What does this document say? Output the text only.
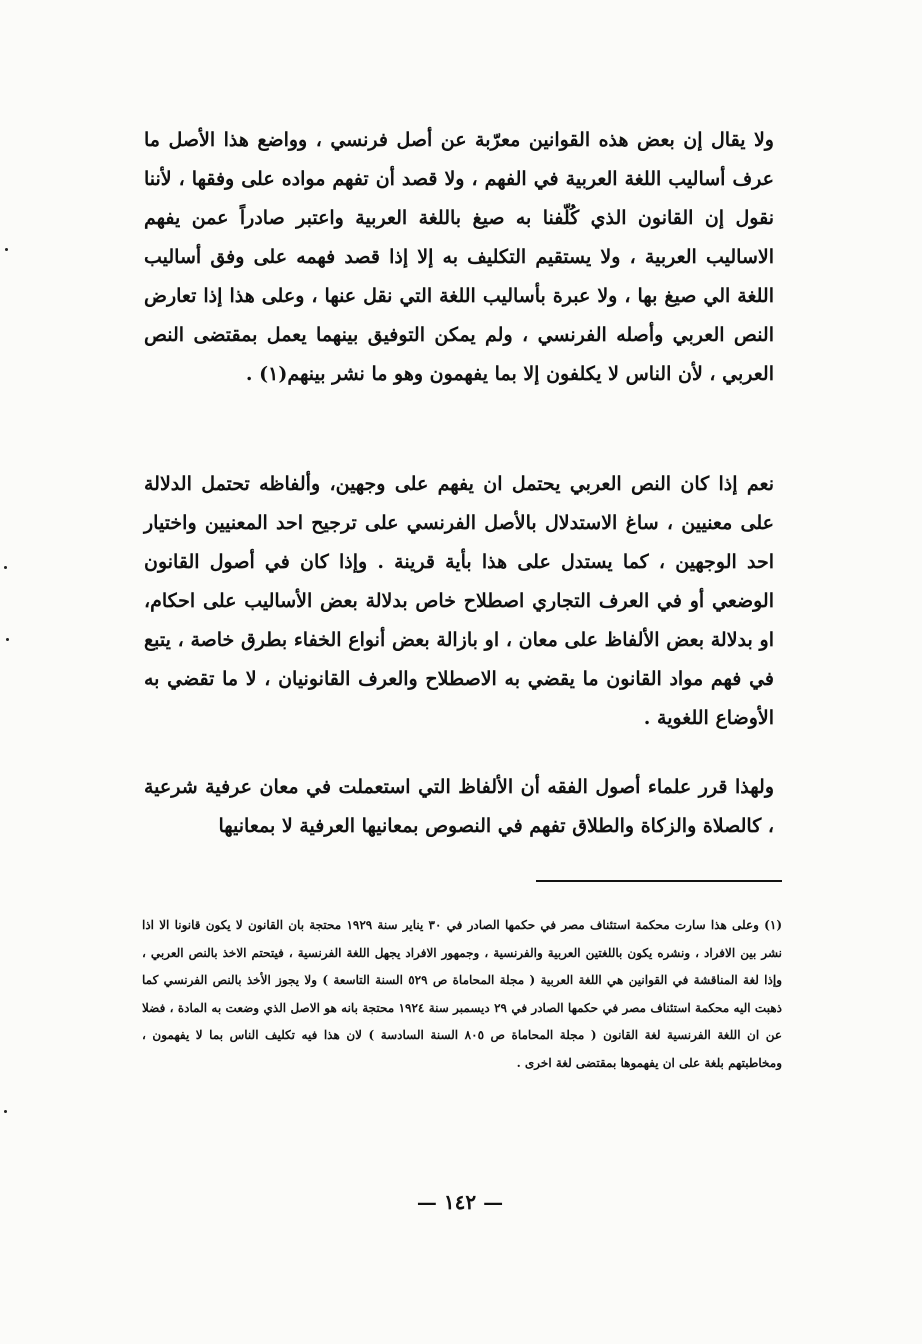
ولا يقال إن بعض هذه القوانين معرّبة عن أصل فرنسي ، وواضع هذا الأصل ما عرف أساليب اللغة العربية في الفهم ، ولا قصد أن تفهم مواده على وفقها ، لأننا نقول إن القانون الذي كُلّفنا به صيغ باللغة العربية واعتبر صادراً عمن يفهم الاساليب العربية ، ولا يستقيم التكليف به إلا إذا قصد فهمه على وفق أساليب اللغة الي صيغ بها ، ولا عبرة بأساليب اللغة التي نقل عنها ، وعلى هذا إذا تعارض النص العربي وأصله الفرنسي ، ولم يمكن التوفيق بينهما يعمل بمقتضى النص العربي ، لأن الناس لا يكلفون إلا بما يفهمون وهو ما نشر بينهم(١) .

نعم إذا كان النص العربي يحتمل ان يفهم على وجهين، وألفاظه تحتمل الدلالة على معنيين ، ساغ الاستدلال بالأصل الفرنسي على ترجيح احد المعنيين واختيار احد الوجهين ، كما يستدل على هذا بأية قرينة . وإذا كان في أصول القانون الوضعي أو في العرف التجاري اصطلاح خاص بدلالة بعض الأساليب على احكام، او بدلالة بعض الألفاظ على معان ، او بازالة بعض أنواع الخفاء بطرق خاصة ، يتبع في فهم مواد القانون ما يقضي به الاصطلاح والعرف القانونيان ، لا ما تقضي به الأوضاع اللغوية .

ولهذا قرر علماء أصول الفقه أن الألفاظ التي استعملت في معان عرفية شرعية ، كالصلاة والزكاة والطلاق تفهم في النصوص بمعانيها العرفية لا بمعانيها

(١) وعلى هذا سارت محكمة استئناف مصر في حكمها الصادر في ٣٠ يناير سنة ١٩٢٩ محتجة بان القانون لا يكون قانونا الا اذا نشر بين الافراد ، ونشره يكون باللغتين العربية والفرنسية ، وجمهور الافراد يجهل اللغة الفرنسية ، فيتحتم الاخذ بالنص العربي ، وإذا لغة المناقشة في القوانين هي اللغة العربية ( مجلة المحاماة ص ٥٢٩ السنة التاسعة ) ولا يجوز الأخذ بالنص الفرنسي كما ذهبت اليه محكمة استئناف مصر في حكمها الصادر في ٢٩ ديسمبر سنة ١٩٢٤ محتجة بانه هو الاصل الذي وضعت به المادة ، فضلا عن ان اللغة الفرنسية لغة القانون ( مجلة المحاماة ص ٨٠٥ السنة السادسة ) لان هذا فيه تكليف الناس بما لا يفهمون ، ومخاطبتهم بلغة على ان يفهموها بمقتضى لغة اخرى .

— ١٤٢ —
